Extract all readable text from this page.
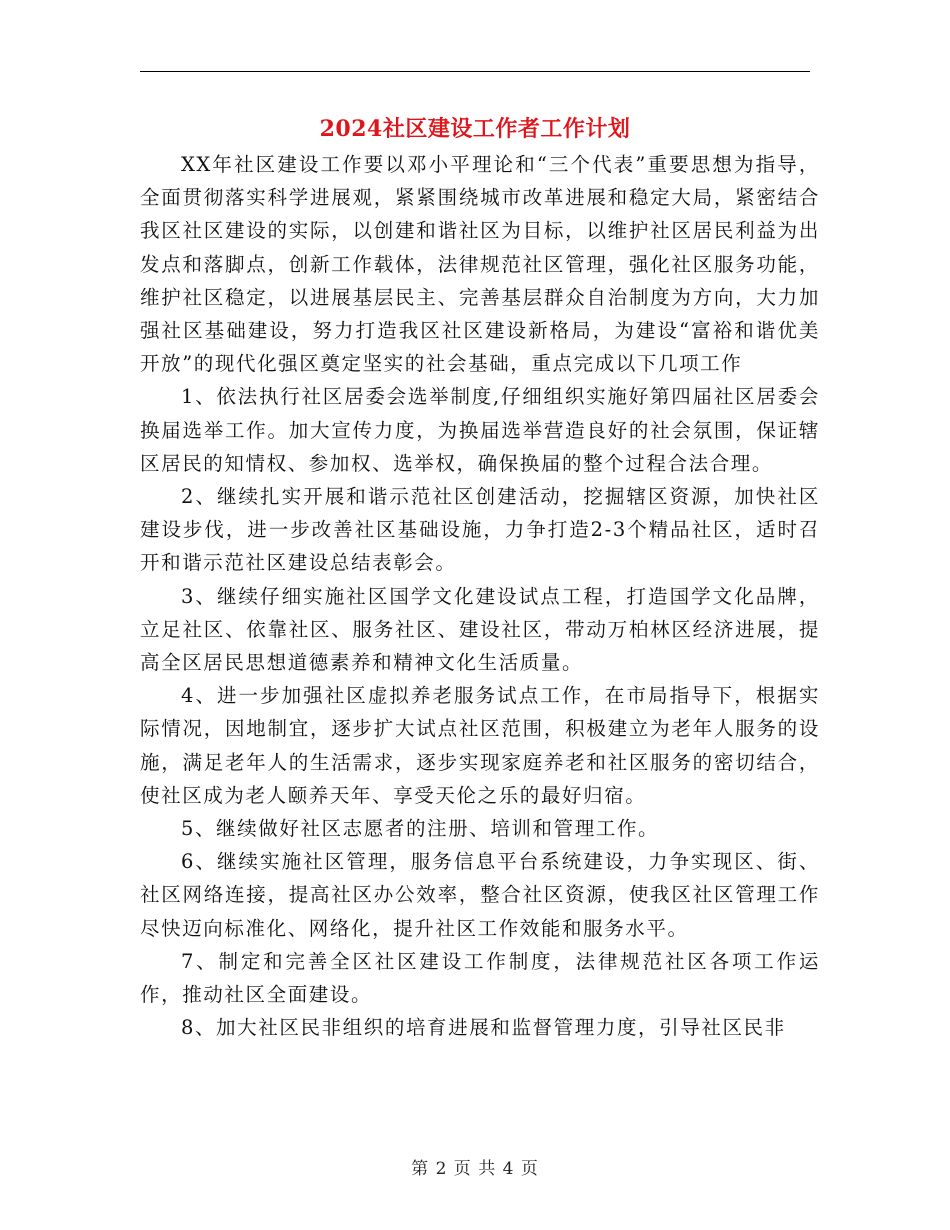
2024社区建设工作者工作计划

XX年社区建设工作要以邓小平理论和“三个代表”重要思想为指导，全面贯彻落实科学进展观，紧紧围绕城市改革进展和稳定大局，紧密结合我区社区建设的实际，以创建和谐社区为目标，以维护社区居民利益为出发点和落脚点，创新工作载体，法律规范社区管理，强化社区服务功能，维护社区稳定，以进展基层民主、完善基层群众自治制度为方向，大力加强社区基础建设，努力打造我区社区建设新格局，为建设“富裕和谐优美开放”的现代化强区奠定坚实的社会基础，重点完成以下几项工作

1、依法执行社区居委会选举制度,仔细组织实施好第四届社区居委会换届选举工作。加大宣传力度，为换届选举营造良好的社会氛围，保证辖区居民的知情权、参加权、选举权，确保换届的整个过程合法合理。

2、继续扎实开展和谐示范社区创建活动，挖掘辖区资源，加快社区建设步伐，进一步改善社区基础设施，力争打造2-3个精品社区，适时召开和谐示范社区建设总结表彰会。

3、继续仔细实施社区国学文化建设试点工程，打造国学文化品牌，立足社区、依靠社区、服务社区、建设社区，带动万柏林区经济进展，提高全区居民思想道德素养和精神文化生活质量。

4、进一步加强社区虚拟养老服务试点工作，在市局指导下，根据实际情况，因地制宜，逐步扩大试点社区范围，积极建立为老年人服务的设施，满足老年人的生活需求，逐步实现家庭养老和社区服务的密切结合，使社区成为老人颐养天年、享受天伦之乐的最好归宿。

5、继续做好社区志愿者的注册、培训和管理工作。

6、继续实施社区管理，服务信息平台系统建设，力争实现区、街、社区网络连接，提高社区办公效率，整合社区资源，使我区社区管理工作尽快迈向标准化、网络化，提升社区工作效能和服务水平。

7、制定和完善全区社区建设工作制度，法律规范社区各项工作运作，推动社区全面建设。

8、加大社区民非组织的培育进展和监督管理力度，引导社区民非

第 2 页 共 4 页
